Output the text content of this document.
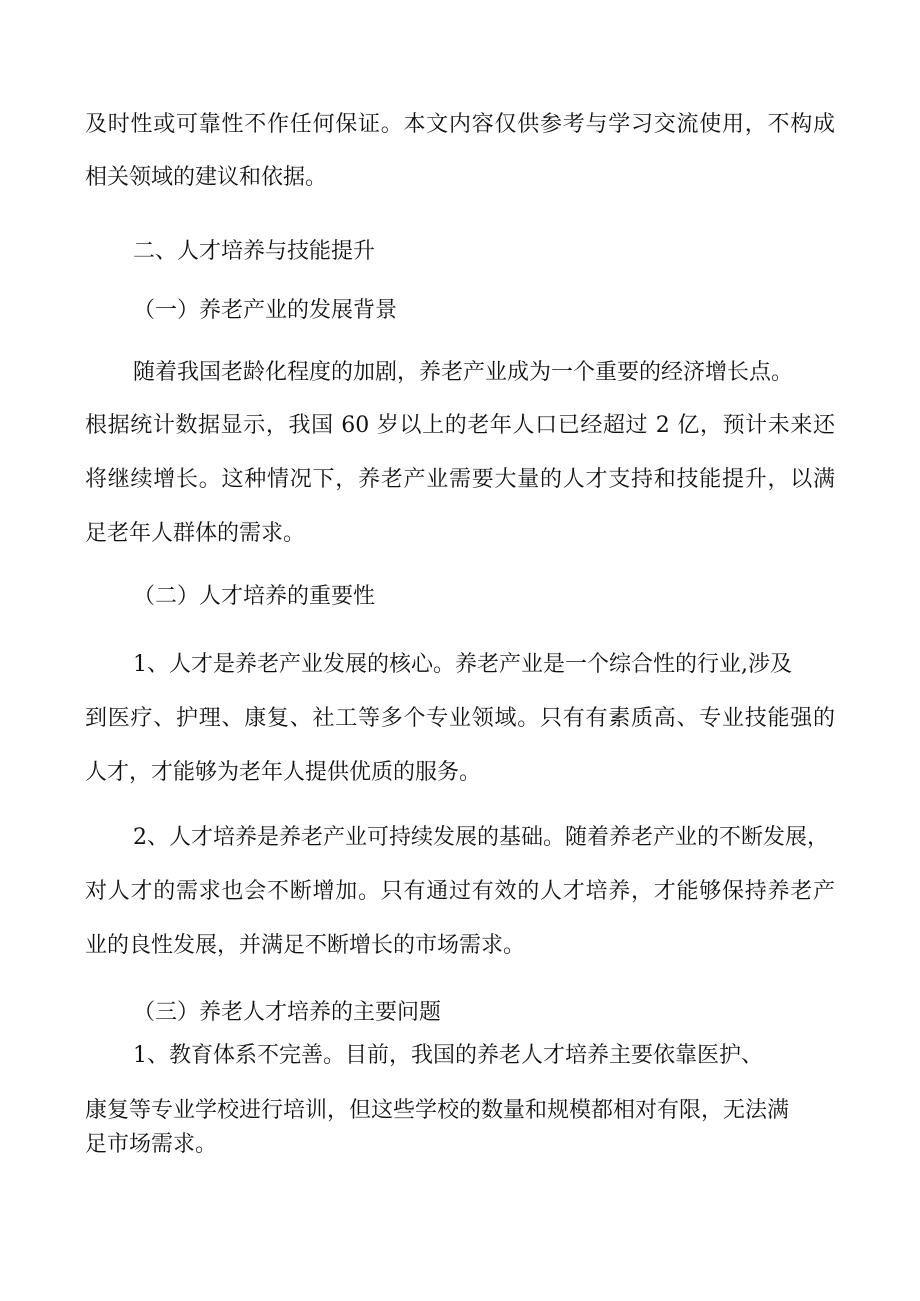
及时性或可靠性不作任何保证。本文内容仅供参考与学习交流使用，不构成
相关领域的建议和依据。
二、人才培养与技能提升
（一）养老产业的发展背景
随着我国老龄化程度的加剧，养老产业成为一个重要的经济增长点。
根据统计数据显示，我国 60 岁以上的老年人口已经超过 2 亿，预计未来还
将继续增长。这种情况下，养老产业需要大量的人才支持和技能提升，以满
足老年人群体的需求。
（二）人才培养的重要性
1、人才是养老产业发展的核心。养老产业是一个综合性的行业,涉及
到医疗、护理、康复、社工等多个专业领域。只有有素质高、专业技能强的
人才，才能够为老年人提供优质的服务。
2、人才培养是养老产业可持续发展的基础。随着养老产业的不断发展，
对人才的需求也会不断增加。只有通过有效的人才培养，才能够保持养老产
业的良性发展，并满足不断增长的市场需求。
（三）养老人才培养的主要问题
1、教育体系不完善。目前，我国的养老人才培养主要依靠医护、
康复等专业学校进行培训，但这些学校的数量和规模都相对有限，无法满
足市场需求。
